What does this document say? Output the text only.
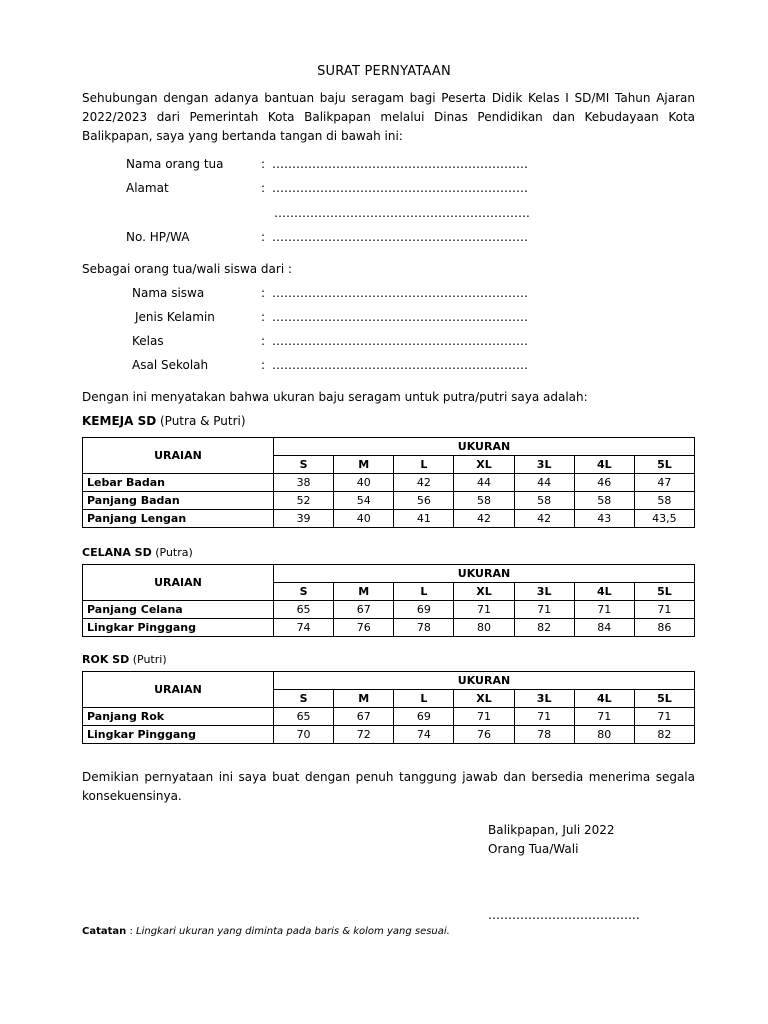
SURAT PERNYATAAN
Sehubungan dengan adanya bantuan baju seragam bagi Peserta Didik Kelas I SD/MI Tahun Ajaran 2022/2023 dari Pemerintah Kota Balikpapan melalui Dinas Pendidikan dan Kebudayaan Kota Balikpapan, saya yang bertanda tangan di bawah ini:
Nama orang tua	: ……………………………………………………….
Alamat	: ……………………………………………………….
……………………………………………………….
No. HP/WA	: ……………………………………………………….
Sebagai orang tua/wali siswa dari :
Nama siswa	: ……………………………………………………….
Jenis Kelamin	: ……………………………………………………….
Kelas	: ……………………………………………………….
Asal Sekolah	: ……………………………………………………….
Dengan ini menyatakan bahwa ukuran baju seragam untuk putra/putri saya adalah:
KEMEJA SD (Putra & Putri)
URAIAN	UKURAN						
	S	M	L	XL	3L	4L	5L
Lebar Badan	38	40	42	44	44	46	47
Panjang Badan	52	54	56	58	58	58	58
Panjang Lengan	39	40	41	42	42	43	43,5
CELANA SD (Putra)
URAIAN	UKURAN						
	S	M	L	XL	3L	4L	5L
Panjang Celana	65	67	69	71	71	71	71
Lingkar Pinggang	74	76	78	80	82	84	86
ROK SD (Putri)
URAIAN	UKURAN						
	S	M	L	XL	3L	4L	5L
Panjang Rok	65	67	69	71	71	71	71
Lingkar Pinggang	70	72	74	76	78	80	82
Demikian pernyataan ini saya buat dengan penuh tanggung jawab dan bersedia menerima segala konsekuensinya.
Balikpapan, Juli 2022
Orang Tua/Wali
………………………………..
Catatan : Lingkari ukuran yang diminta pada baris & kolom yang sesuai.
